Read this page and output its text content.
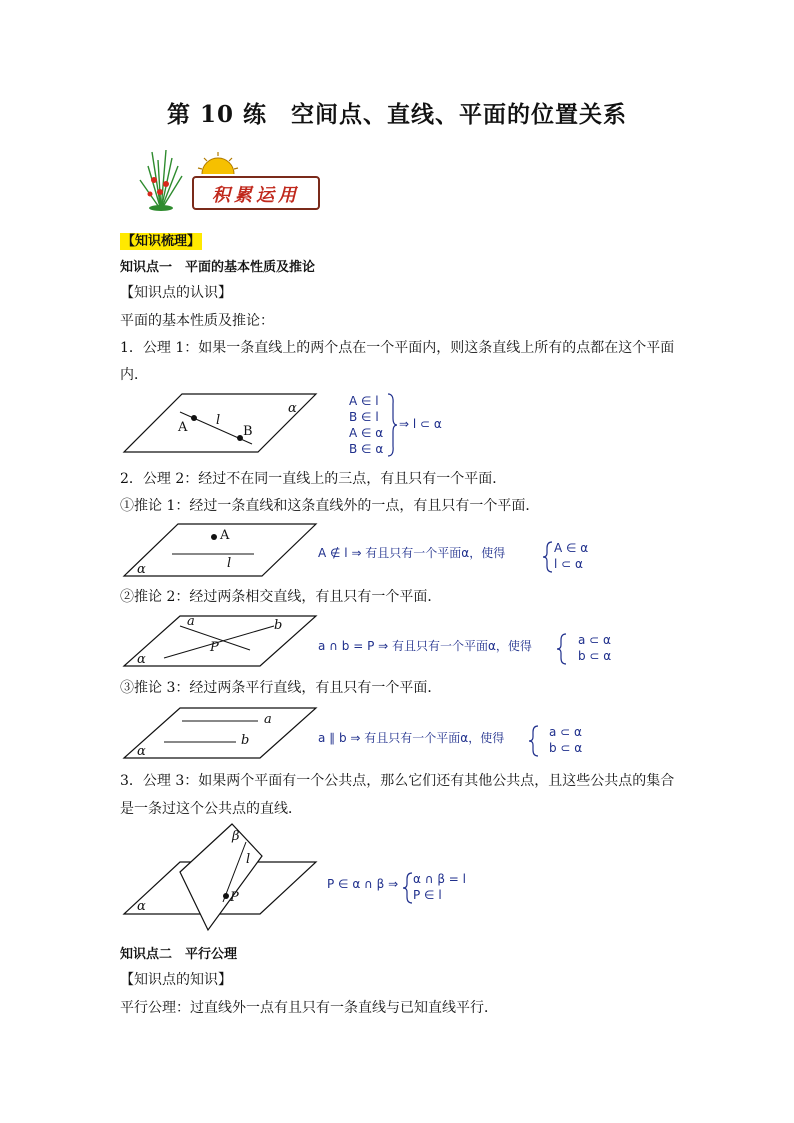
第 10 练　空间点、直线、平面的位置关系
积累运用
【知识梳理】
知识点一　平面的基本性质及推论
【知识点的认识】
平面的基本性质及推论：
1．公理 1：如果一条直线上的两个点在一个平面内，则这条直线上所有的点都在这个平面
内．
A	B
l
α	A ∈ l
B ∈ l
A ∈ α
B ∈ α
⇒ l ⊂ α
2．公理 2：经过不在同一直线上的三点，有且只有一个平面．
①推论 1：经过一条直线和这条直线外的一点，有且只有一个平面．
A
l
α
A ∉ l ⇒ 有且只有一个平面α，使得	A ∈ α
l ⊂ α
②推论 2：经过两条相交直线，有且只有一个平面．
a	b
P
α
a ∩ b = P ⇒ 有且只有一个平面α，使得	a ⊂ α
b ⊂ α
③推论 3：经过两条平行直线，有且只有一个平面．
a
b
α
a ∥ b ⇒ 有且只有一个平面α，使得	a ⊂ α
b ⊂ α
3．公理 3：如果两个平面有一个公共点，那么它们还有其他公共点，且这些公共点的集合
是一条过这个公共点的直线．
β
l
P
α
P ∈ α ∩ β ⇒ α ∩ β = l
P ∈ l
知识点二　平行公理
【知识点的知识】
平行公理：过直线外一点有且只有一条直线与已知直线平行．
